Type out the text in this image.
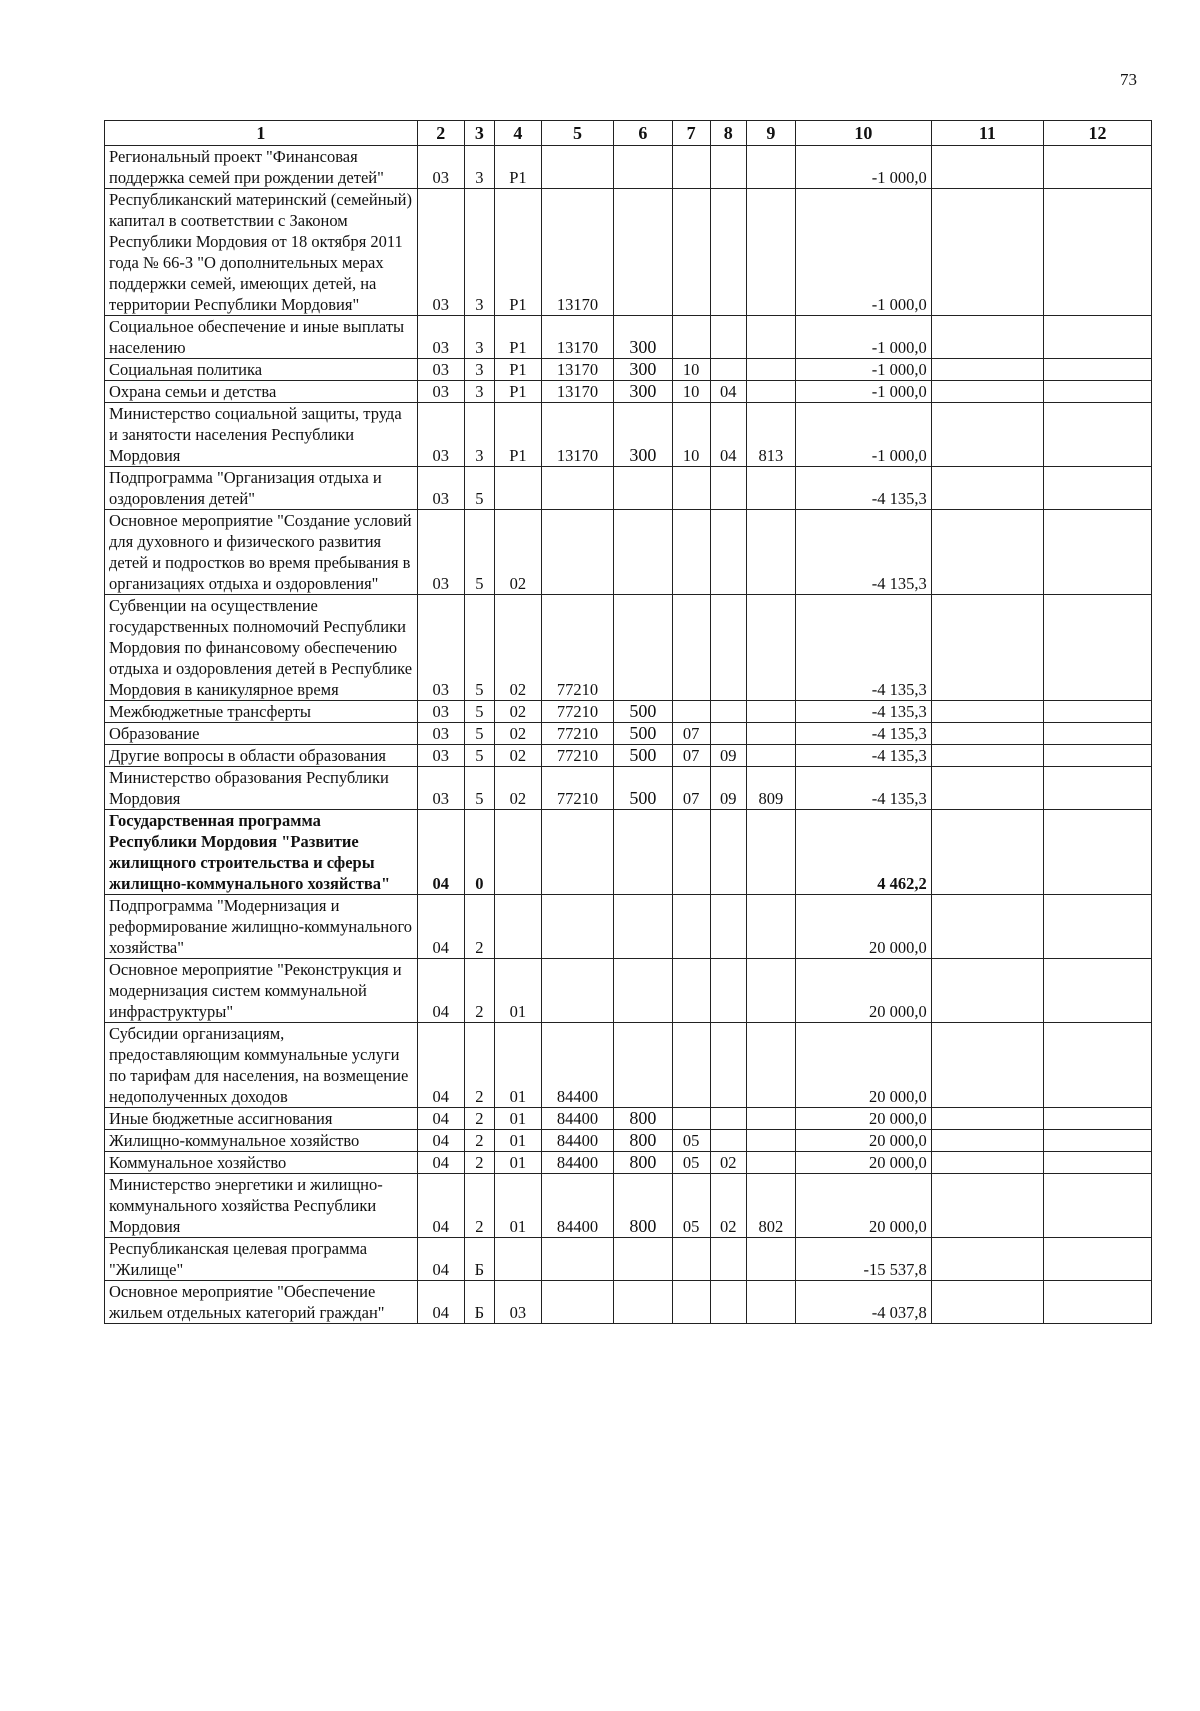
73
1	2	3	4	5	6	7	8	9	10	11	12
Региональный проект "Финансовая поддержка семей при рождении детей"	03	3	P1						-1 000,0		
Республиканский материнский (семейный) капитал в соответствии с Законом Республики Мордовия от 18 октября 2011 года № 66-З "О дополнительных мерах поддержки семей, имеющих детей, на территории Республики Мордовия"	03	3	P1	13170					-1 000,0		
Социальное обеспечение и иные выплаты населению	03	3	P1	13170	300				-1 000,0		
Социальная политика	03	3	P1	13170	300	10			-1 000,0		
Охрана семьи и детства	03	3	P1	13170	300	10	04		-1 000,0		
Министерство социальной защиты, труда и занятости населения Республики Мордовия	03	3	P1	13170	300	10	04	813	-1 000,0		
Подпрограмма "Организация отдыха и оздоровления детей"	03	5							-4 135,3		
Основное мероприятие "Создание условий для духовного и физического развития детей и подростков во время пребывания в организациях отдыха и оздоровления"	03	5	02						-4 135,3		
Субвенции на осуществление государственных полномочий Республики Мордовия по финансовому обеспечению отдыха и оздоровления детей в Республике Мордовия в каникулярное время	03	5	02	77210					-4 135,3		
Межбюджетные трансферты	03	5	02	77210	500				-4 135,3		
Образование	03	5	02	77210	500	07			-4 135,3		
Другие вопросы в области образования	03	5	02	77210	500	07	09		-4 135,3		
Министерство образования Республики Мордовия	03	5	02	77210	500	07	09	809	-4 135,3		
Государственная программа Республики Мордовия "Развитие жилищного строительства и сферы жилищно-коммунального хозяйства"	04	0							4 462,2		
Подпрограмма "Модернизация и реформирование жилищно-коммунального хозяйства"	04	2							20 000,0		
Основное мероприятие "Реконструкция и модернизация систем коммунальной инфраструктуры"	04	2	01						20 000,0		
Субсидии организациям, предоставляющим коммунальные услуги по тарифам для населения, на возмещение недополученных доходов	04	2	01	84400					20 000,0		
Иные бюджетные ассигнования	04	2	01	84400	800				20 000,0		
Жилищно-коммунальное хозяйство	04	2	01	84400	800	05			20 000,0		
Коммунальное хозяйство	04	2	01	84400	800	05	02		20 000,0		
Министерство энергетики и жилищно-коммунального хозяйства Республики Мордовия	04	2	01	84400	800	05	02	802	20 000,0		
Республиканская целевая программа "Жилище"	04	Б							-15 537,8		
Основное мероприятие "Обеспечение жильем отдельных категорий граждан"	04	Б	03						-4 037,8		
